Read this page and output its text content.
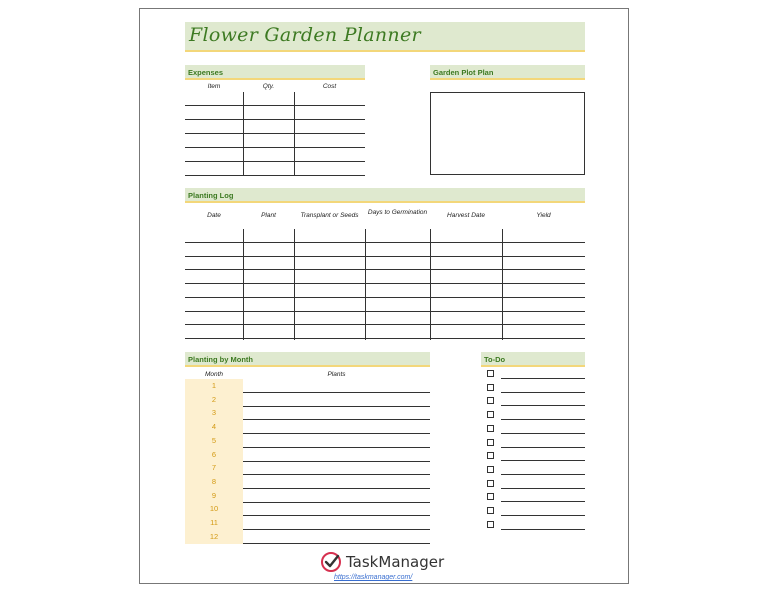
Flower Garden Planner
Expenses
Item	Qty.	Cost
Garden Plot Plan
Planting Log
Date	Plant	Transplant or Seeds	Days to Germination	Harvest Date	Yield
Planting by Month
Month	Plants
1
2
3
4
5
6
7
8
9
10
11
12
To-Do
TaskManager
https://taskmanager.com/
